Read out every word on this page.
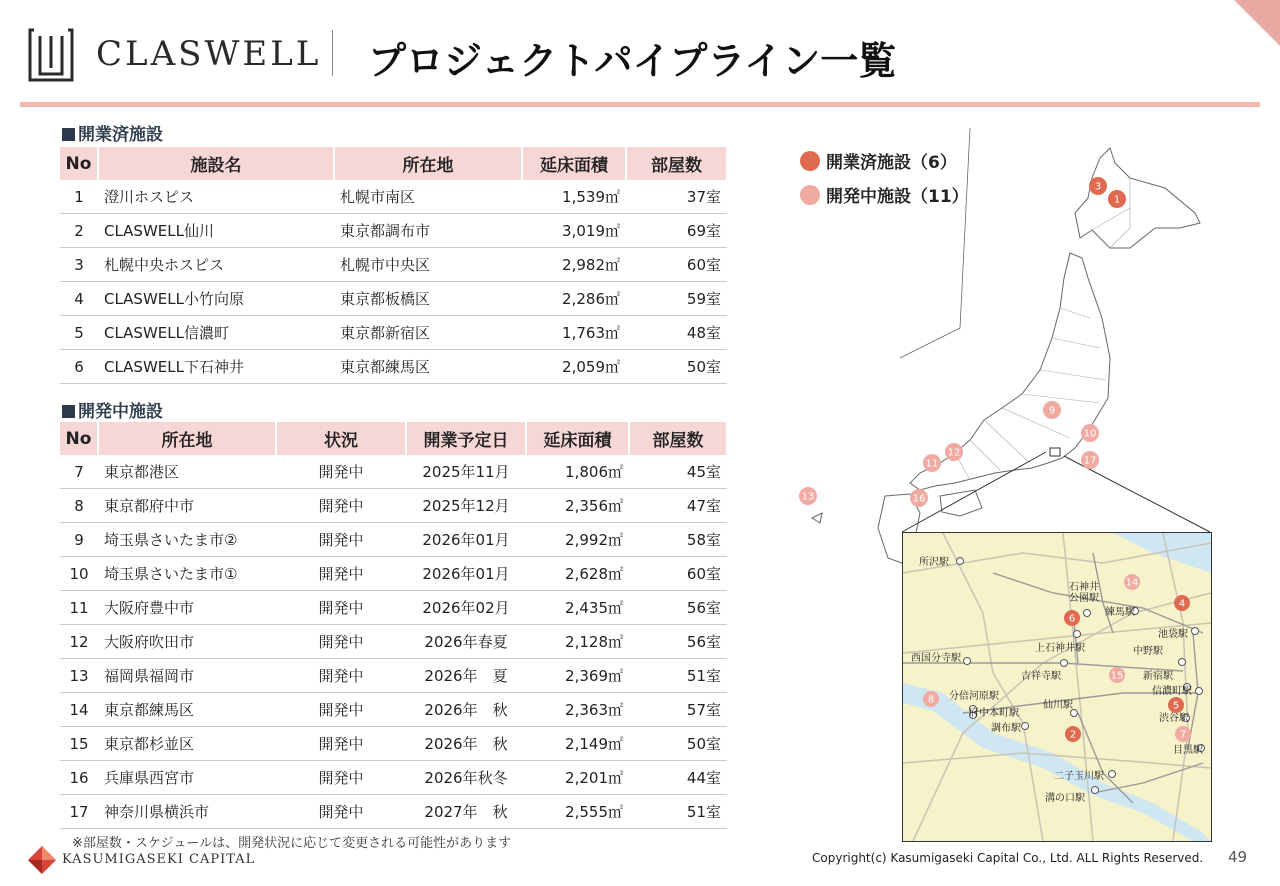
CLASWELL プロジェクトパイプライン一覧
開業済施設
No	施設名	所在地	延床面積	部屋数
1	澄川ホスピス	札幌市南区	1,539㎡	37室
2	CLASWELL仙川	東京都調布市	3,019㎡	69室
3	札幌中央ホスピス	札幌市中央区	2,982㎡	60室
4	CLASWELL小竹向原	東京都板橋区	2,286㎡	59室
5	CLASWELL信濃町	東京都新宿区	1,763㎡	48室
6	CLASWELL下石神井	東京都練馬区	2,059㎡	50室
開発中施設
No	所在地	状況	開業予定日	延床面積	部屋数
7	東京都港区	開発中	2025年11月	1,806㎡	45室
8	東京都府中市	開発中	2025年12月	2,356㎡	47室
9	埼玉県さいたま市②	開発中	2026年01月	2,992㎡	58室
10	埼玉県さいたま市①	開発中	2026年01月	2,628㎡	60室
11	大阪府豊中市	開発中	2026年02月	2,435㎡	56室
12	大阪府吹田市	開発中	2026年春夏	2,128㎡	56室
13	福岡県福岡市	開発中	2026年　夏	2,369㎡	51室
14	東京都練馬区	開発中	2026年　秋	2,363㎡	57室
15	東京都杉並区	開発中	2026年　秋	2,149㎡	50室
16	兵庫県西宮市	開発中	2026年秋冬	2,201㎡	44室
17	神奈川県横浜市	開発中	2027年　秋	2,555㎡	51室
開業済施設（6）
開発中施設（11）	1
3
9
10
17
12
11
16
13
所沢駅
石神井公園駅
練馬駅
池袋駅
上石神井駅	中野駅
西国分寺駅
吉祥寺駅	新宿駅
信濃町駅
分倍河原駅
府中本町駅
仙川駅
渋谷駅
調布駅
目黒駅
二子玉川駅
溝の口駅
14
6
4
15
8
5
7
2
※部屋数・スケジュールは、開発状況に応じて変更される可能性があります
KASUMIGASEKI CAPITAL	Copyright(c) Kasumigaseki Capital Co., Ltd. ALL Rights Reserved. 49
